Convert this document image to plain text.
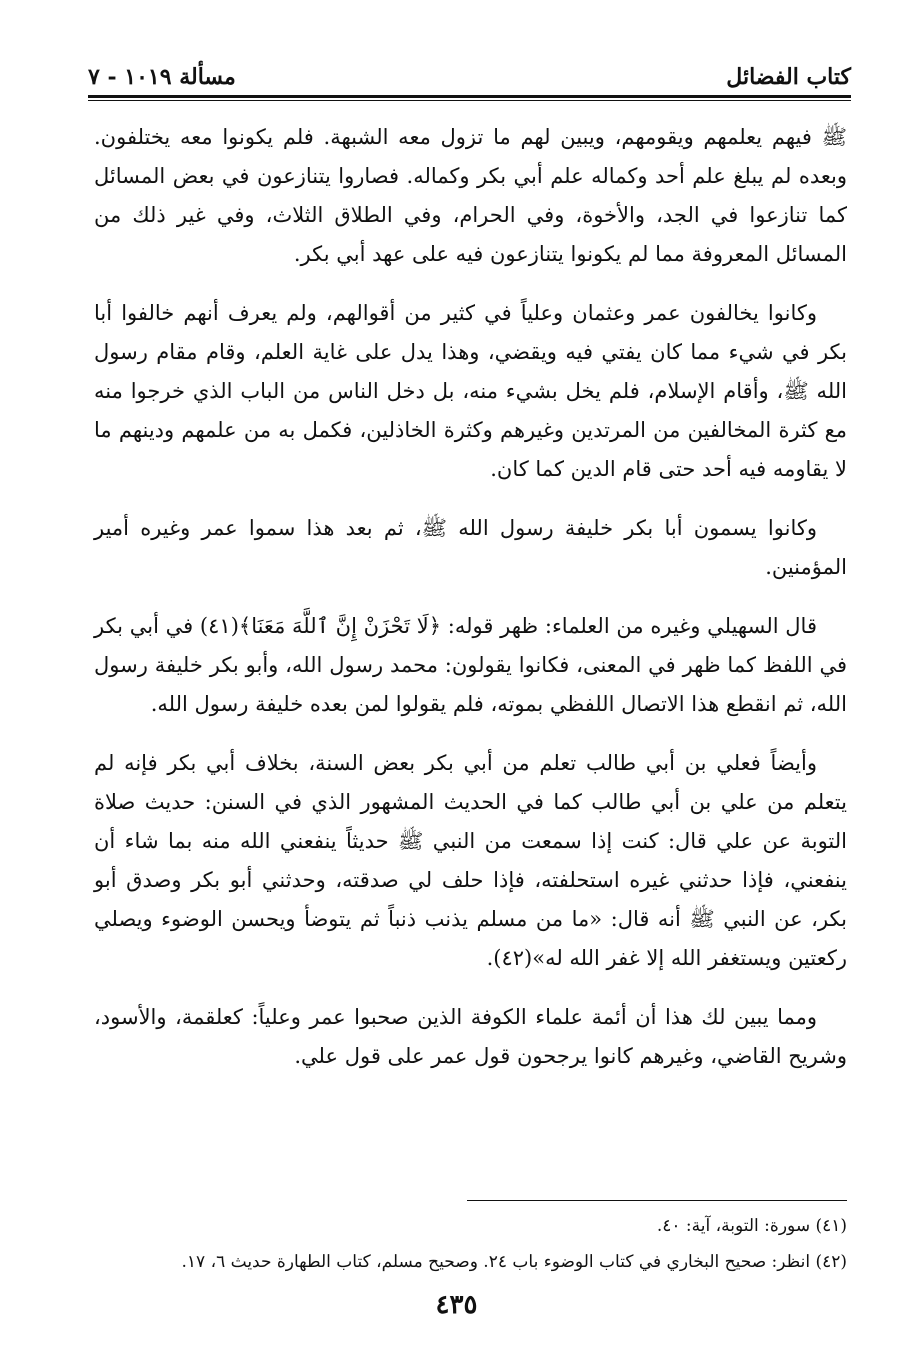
مسألة ١٠١٩ - ٧	كتاب الفضائل

ﷺ فيهم يعلمهم ويقومهم، ويبين لهم ما تزول معه الشبهة. فلم يكونوا معه يختلفون. وبعده لم يبلغ علم أحد وكماله علم أبي بكر وكماله. فصاروا يتنازعون في بعض المسائل كما تنازعوا في الجد، والأخوة، وفي الحرام، وفي الطلاق الثلاث، وفي غير ذلك من المسائل المعروفة مما لم يكونوا يتنازعون فيه على عهد أبي بكر.

وكانوا يخالفون عمر وعثمان وعلياً في كثير من أقوالهم، ولم يعرف أنهم خالفوا أبا بكر في شيء مما كان يفتي فيه ويقضي، وهذا يدل على غاية العلم، وقام مقام رسول الله ﷺ، وأقام الإسلام، فلم يخل بشيء منه، بل دخل الناس من الباب الذي خرجوا منه مع كثرة المخالفين من المرتدين وغيرهم وكثرة الخاذلين، فكمل به من علمهم ودينهم ما لا يقاومه فيه أحد حتى قام الدين كما كان.

وكانوا يسمون أبا بكر خليفة رسول الله ﷺ، ثم بعد هذا سموا عمر وغيره أمير المؤمنين.

قال السهيلي وغيره من العلماء: ظهر قوله: ﴿لَا تَحْزَنْ إِنَّ ٱللَّهَ مَعَنَا﴾(٤١) في أبي بكر في اللفظ كما ظهر في المعنى، فكانوا يقولون: محمد رسول الله، وأبو بكر خليفة رسول الله، ثم انقطع هذا الاتصال اللفظي بموته، فلم يقولوا لمن بعده خليفة رسول الله.

وأيضاً فعلي بن أبي طالب تعلم من أبي بكر بعض السنة، بخلاف أبي بكر فإنه لم يتعلم من علي بن أبي طالب كما في الحديث المشهور الذي في السنن: حديث صلاة التوبة عن علي قال: كنت إذا سمعت من النبي ﷺ حديثاً ينفعني الله منه بما شاء أن ينفعني، فإذا حدثني غيره استحلفته، فإذا حلف لي صدقته، وحدثني أبو بكر وصدق أبو بكر، عن النبي ﷺ أنه قال: «ما من مسلم يذنب ذنباً ثم يتوضأ ويحسن الوضوء ويصلي ركعتين ويستغفر الله إلا غفر الله له»(٤٢).

ومما يبين لك هذا أن أئمة علماء الكوفة الذين صحبوا عمر وعلياً: كعلقمة، والأسود، وشريح القاضي، وغيرهم كانوا يرجحون قول عمر على قول علي.

(٤١) سورة: التوبة، آية: ٤٠.

(٤٢) انظر: صحيح البخاري في كتاب الوضوء باب ٢٤. وصحيح مسلم، كتاب الطهارة حديث ٦، ١٧.

٤٣٥
